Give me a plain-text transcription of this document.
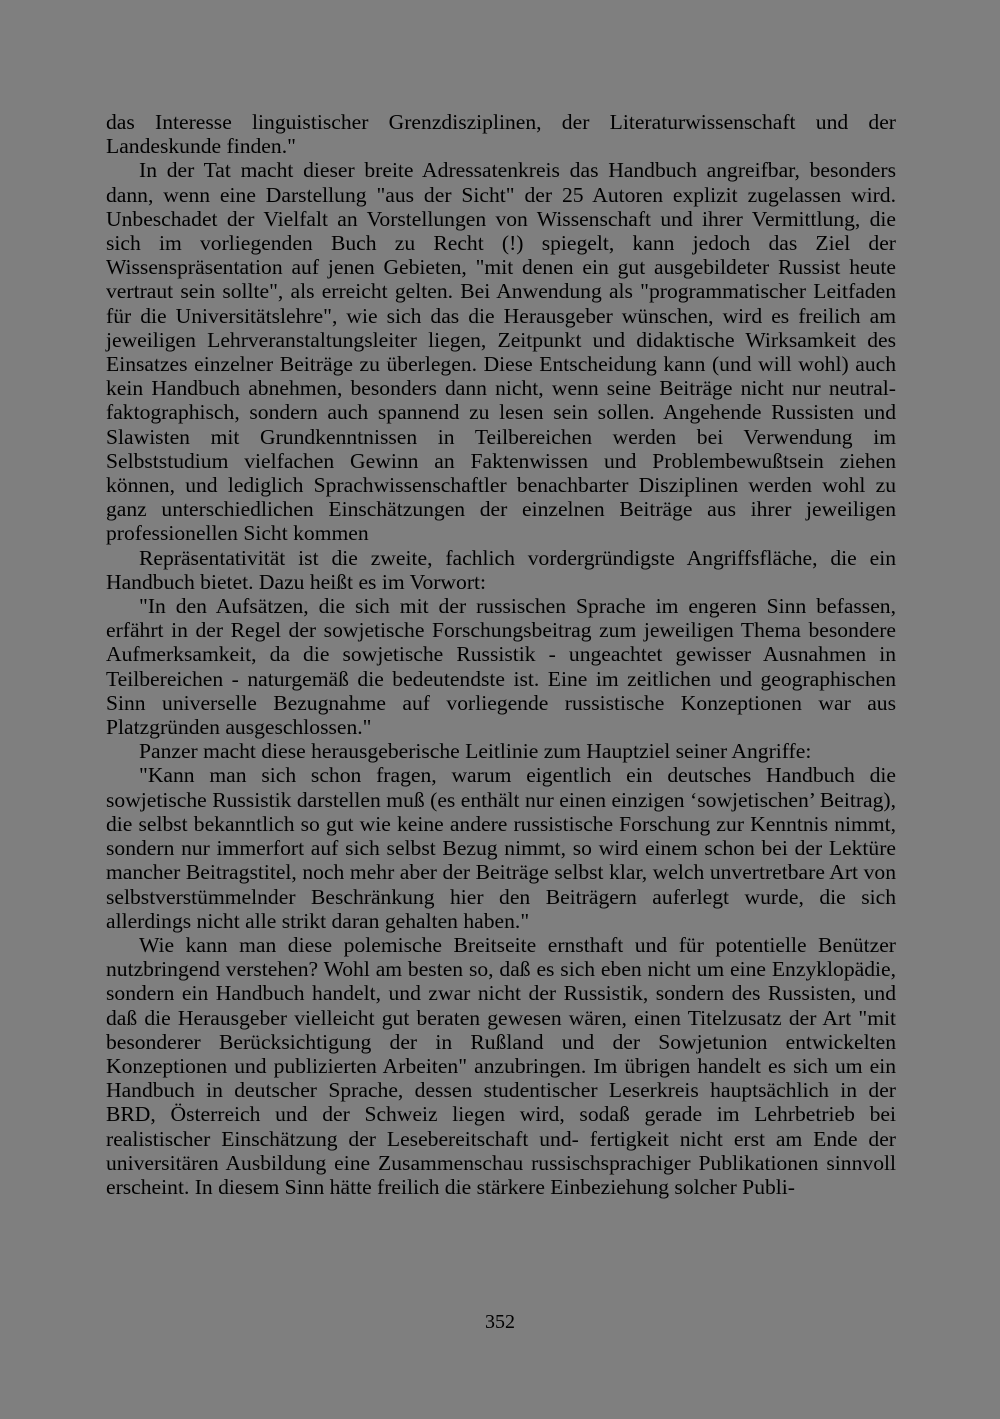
das Interesse linguistischer Grenzdisziplinen, der Literaturwissenschaft und der Landeskunde finden."

In der Tat macht dieser breite Adressatenkreis das Handbuch angreifbar, besonders dann, wenn eine Darstellung "aus der Sicht" der 25 Autoren explizit zugelassen wird. Unbeschadet der Vielfalt an Vorstellungen von Wissenschaft und ihrer Vermittlung, die sich im vorliegenden Buch zu Recht (!) spiegelt, kann jedoch das Ziel der Wissenspräsentation auf jenen Gebieten, "mit denen ein gut ausgebildeter Russist heute vertraut sein sollte", als erreicht gelten. Bei Anwendung als "programmatischer Leitfaden für die Universitätslehre", wie sich das die Herausgeber wünschen, wird es freilich am jeweiligen Lehrveranstaltungsleiter liegen, Zeitpunkt und didaktische Wirksamkeit des Einsatzes einzelner Beiträge zu überlegen. Diese Entscheidung kann (und will wohl) auch kein Handbuch abnehmen, besonders dann nicht, wenn seine Beiträge nicht nur neutral-faktographisch, sondern auch spannend zu lesen sein sollen. Angehende Russisten und Slawisten mit Grundkenntnissen in Teilbereichen werden bei Verwendung im Selbststudium vielfachen Gewinn an Faktenwissen und Problembewußtsein ziehen können, und lediglich Sprachwissenschaftler benachbarter Disziplinen werden wohl zu ganz unterschiedlichen Einschätzungen der einzelnen Beiträge aus ihrer jeweiligen professionellen Sicht kommen

Repräsentativität ist die zweite, fachlich vordergründigste Angriffsfläche, die ein Handbuch bietet. Dazu heißt es im Vorwort:

"In den Aufsätzen, die sich mit der russischen Sprache im engeren Sinn befassen, erfährt in der Regel der sowjetische Forschungsbeitrag zum jeweiligen Thema besondere Aufmerksamkeit, da die sowjetische Russistik - ungeachtet gewisser Ausnahmen in Teilbereichen - naturgemäß die bedeutendste ist. Eine im zeitlichen und geographischen Sinn universelle Bezugnahme auf vorliegende russistische Konzeptionen war aus Platzgründen ausgeschlossen."

Panzer macht diese herausgeberische Leitlinie zum Hauptziel seiner Angriffe:

"Kann man sich schon fragen, warum eigentlich ein deutsches Handbuch die sowjetische Russistik darstellen muß (es enthält nur einen einzigen ‘sowjetischen’ Beitrag), die selbst bekanntlich so gut wie keine andere russistische Forschung zur Kenntnis nimmt, sondern nur immerfort auf sich selbst Bezug nimmt, so wird einem schon bei der Lektüre mancher Beitragstitel, noch mehr aber der Beiträge selbst klar, welch unvertretbare Art von selbstverstümmelnder Beschränkung hier den Beiträgern auferlegt wurde, die sich allerdings nicht alle strikt daran gehalten haben."

Wie kann man diese polemische Breitseite ernsthaft und für potentielle Benützer nutzbringend verstehen? Wohl am besten so, daß es sich eben nicht um eine Enzyklopädie, sondern ein Handbuch handelt, und zwar nicht der Russistik, sondern des Russisten, und daß die Herausgeber vielleicht gut beraten gewesen wären, einen Titelzusatz der Art "mit besonderer Berücksichtigung der in Rußland und der Sowjetunion entwickelten Konzeptionen und publizierten Arbeiten" anzubringen. Im übrigen handelt es sich um ein Handbuch in deutscher Sprache, dessen studentischer Leserkreis hauptsächlich in der BRD, Österreich und der Schweiz liegen wird, sodaß gerade im Lehrbetrieb bei realistischer Einschätzung der Lesebereitschaft und- fertigkeit nicht erst am Ende der universitären Ausbildung eine Zusammenschau russischsprachiger Publikationen sinnvoll erscheint. In diesem Sinn hätte freilich die stärkere Einbeziehung solcher Publi-

352
